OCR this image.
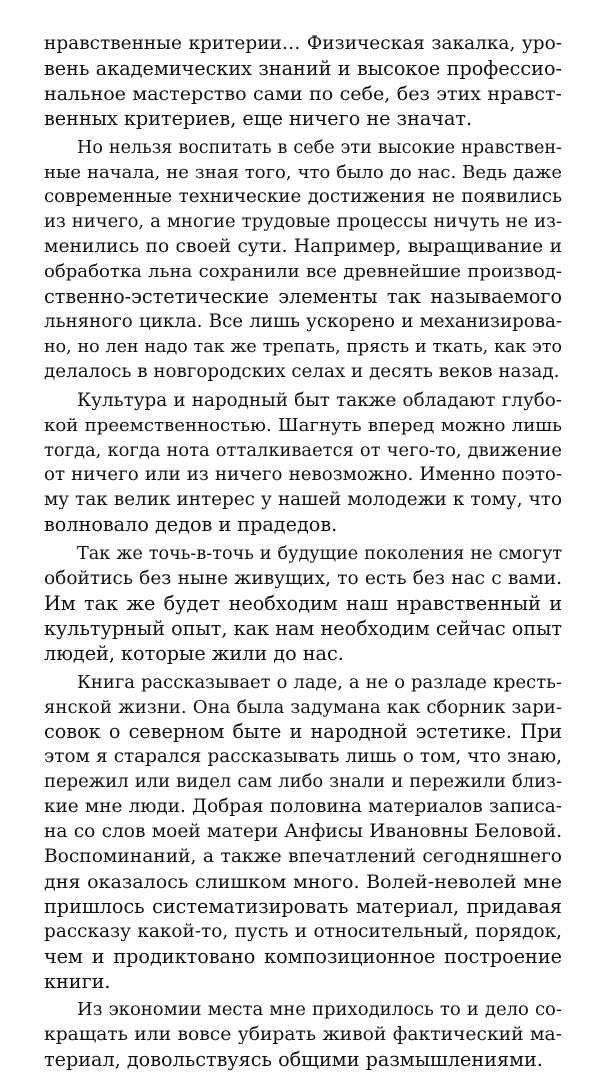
нравственные критерии… Физическая закалка, уро-
вень академических знаний и высокое профессио-
нальное мастерство сами по себе, без этих нравст-
венных критериев, еще ничего не значат.
Но нельзя воспитать в себе эти высокие нравствен-
ные начала, не зная того, что было до нас. Ведь даже
современные технические достижения не появились
из ничего, а многие трудовые процессы ничуть не из-
менились по своей сути. Например, выращивание и
обработка льна сохранили все древнейшие производ-
ственно-эстетические элементы так называемого
льняного цикла. Все лишь ускорено и механизирова-
но, но лен надо так же трепать, прясть и ткать, как это
делалось в новгородских селах и десять веков назад.
Культура и народный быт также обладают глубо-
кой преемственностью. Шагнуть вперед можно лишь
тогда, когда нота отталкивается от чего-то, движение
от ничего или из ничего невозможно. Именно поэто-
му так велик интерес у нашей молодежи к тому, что
волновало дедов и прадедов.
Так же точь-в-точь и будущие поколения не смогут
обойтись без ныне живущих, то есть без нас с вами.
Им так же будет необходим наш нравственный и
культурный опыт, как нам необходим сейчас опыт
людей, которые жили до нас.
Книга рассказывает о ладе, а не о разладе кресть-
янской жизни. Она была задумана как сборник зари-
совок о северном быте и народной эстетике. При
этом я старался рассказывать лишь о том, что знаю,
пережил или видел сам либо знали и пережили близ-
кие мне люди. Добрая половина материалов записа-
на со слов моей матери Анфисы Ивановны Беловой.
Воспоминаний, а также впечатлений сегодняшнего
дня оказалось слишком много. Волей-неволей мне
пришлось систематизировать материал, придавая
рассказу какой-то, пусть и относительный, порядок,
чем и продиктовано композиционное построение
книги.
Из экономии места мне приходилось то и дело со-
кращать или вовсе убирать живой фактический ма-
териал, довольствуясь общими размышлениями.
